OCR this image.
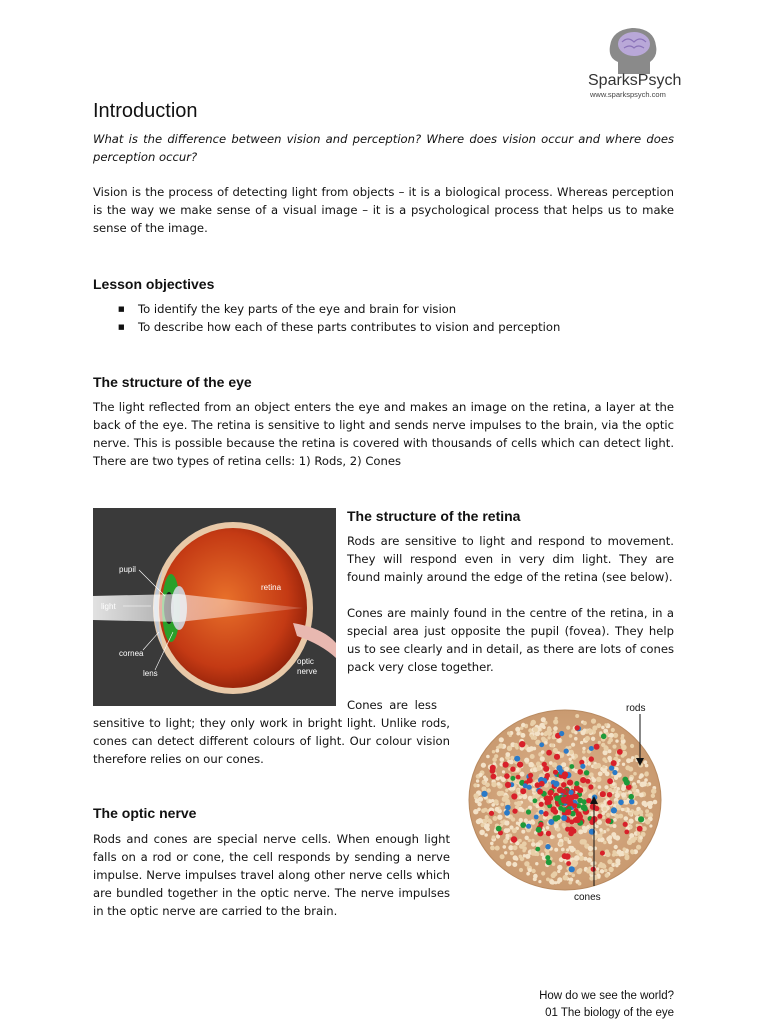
SparksPsych
www.sparkspsych.com
Introduction

What is the difference between vision and perception? Where does vision occur and where does perception occur?

Vision is the process of detecting light from objects – it is a biological process. Whereas perception is the way we make sense of a visual image – it is a psychological process that helps us to make sense of the image.

Lesson objectives
■ To identify the key parts of the eye and brain for vision
■ To describe how each of these parts contributes to vision and perception
The structure of the eye

The light reflected from an object enters the eye and makes an image on the retina, a layer at the back of the eye. The retina is sensitive to light and sends nerve impulses to the brain, via the optic nerve. This is possible because the retina is covered with thousands of cells which can detect light. There are two types of retina cells: 1) Rods, 2) Cones

pupil
light
cornea
lens
retina
optic
nerve
The structure of the retina

Rods are sensitive to light and respond to movement. They will respond even in very dim light. They are found mainly around the edge of the retina (see below).

Cones are mainly found in the centre of the retina, in a special area just opposite the pupil (fovea). They help us to see clearly and in detail, as there are lots of cones pack very close together.

Cones are less

sensitive to light; they only work in bright light. Unlike rods, cones can detect different colours of light. Our colour vision therefore relies on our cones.

rods
cones
The optic nerve

Rods and cones are special nerve cells. When enough light falls on a rod or cone, the cell responds by sending a nerve impulse. Nerve impulses travel along other nerve cells which are bundled together in the optic nerve. The nerve impulses in the optic nerve are carried to the brain.

How do we see the world?
01 The biology of the eye
